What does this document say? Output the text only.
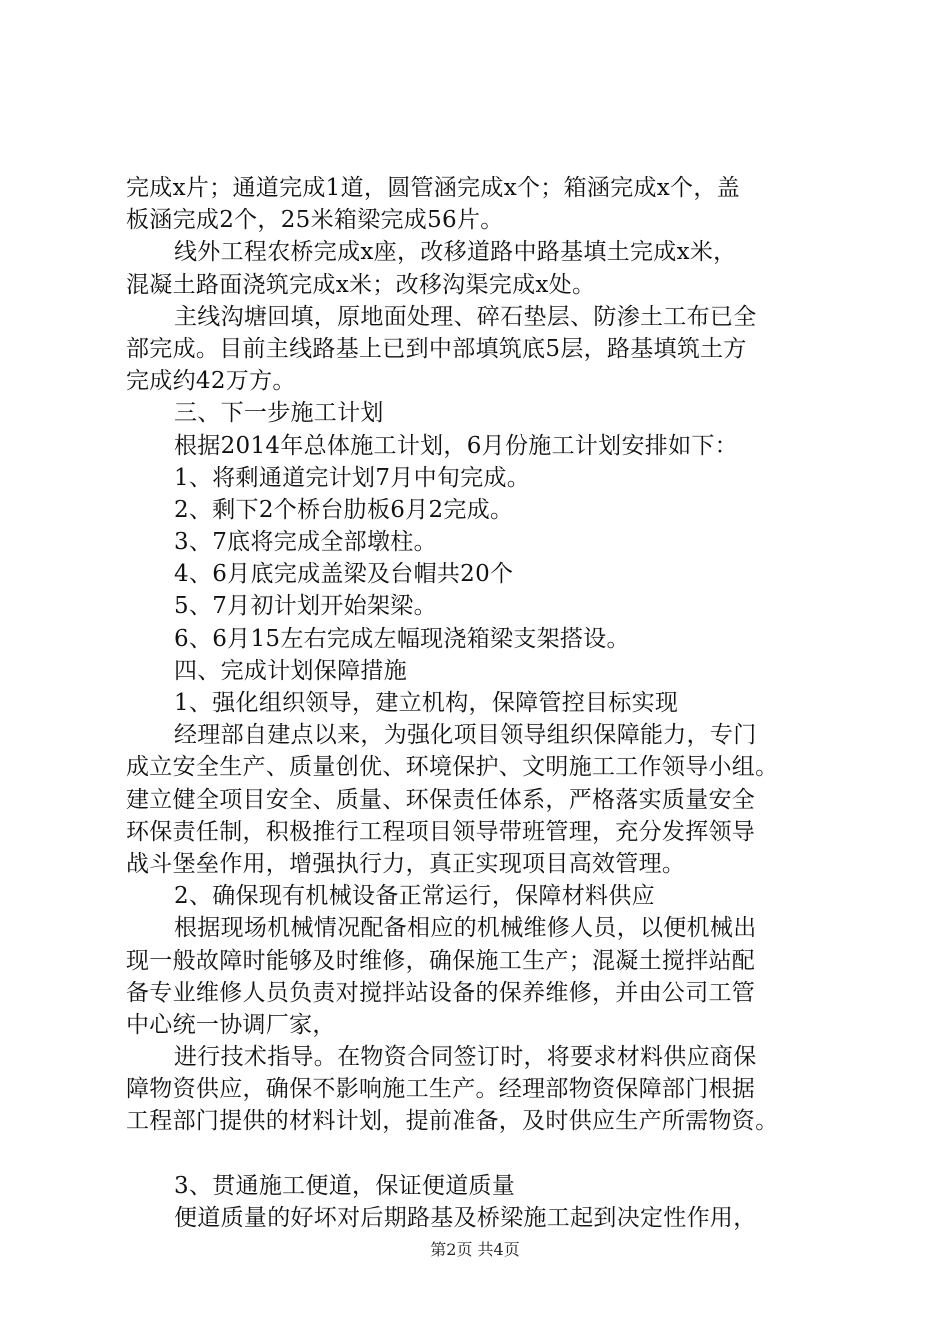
完成x片；通道完成1道，圆管涵完成x个；箱涵完成x个，盖
板涵完成2个，25米箱梁完成56片。
线外工程农桥完成x座，改移道路中路基填土完成x米，
混凝土路面浇筑完成x米；改移沟渠完成x处。
主线沟塘回填，原地面处理、碎石垫层、防渗土工布已全
部完成。目前主线路基上已到中部填筑底5层，路基填筑土方
完成约42万方。
三、下一步施工计划
根据2014年总体施工计划，6月份施工计划安排如下：
1、将剩通道完计划7月中旬完成。
2、剩下2个桥台肋板6月2完成。
3、7底将完成全部墩柱。
4、6月底完成盖梁及台帽共20个
5、7月初计划开始架梁。
6、6月15左右完成左幅现浇箱梁支架搭设。
四、完成计划保障措施
1、强化组织领导，建立机构，保障管控目标实现
经理部自建点以来，为强化项目领导组织保障能力，专门
成立安全生产、质量创优、环境保护、文明施工工作领导小组。
建立健全项目安全、质量、环保责任体系，严格落实质量安全
环保责任制，积极推行工程项目领导带班管理，充分发挥领导
战斗堡垒作用，增强执行力，真正实现项目高效管理。
2、确保现有机械设备正常运行，保障材料供应
根据现场机械情况配备相应的机械维修人员，以便机械出
现一般故障时能够及时维修，确保施工生产；混凝土搅拌站配
备专业维修人员负责对搅拌站设备的保养维修，并由公司工管
中心统一协调厂家，
进行技术指导。在物资合同签订时，将要求材料供应商保
障物资供应，确保不影响施工生产。经理部物资保障部门根据
工程部门提供的材料计划，提前准备，及时供应生产所需物资。
3、贯通施工便道，保证便道质量
便道质量的好坏对后期路基及桥梁施工起到决定性作用，
第2页 共4页
